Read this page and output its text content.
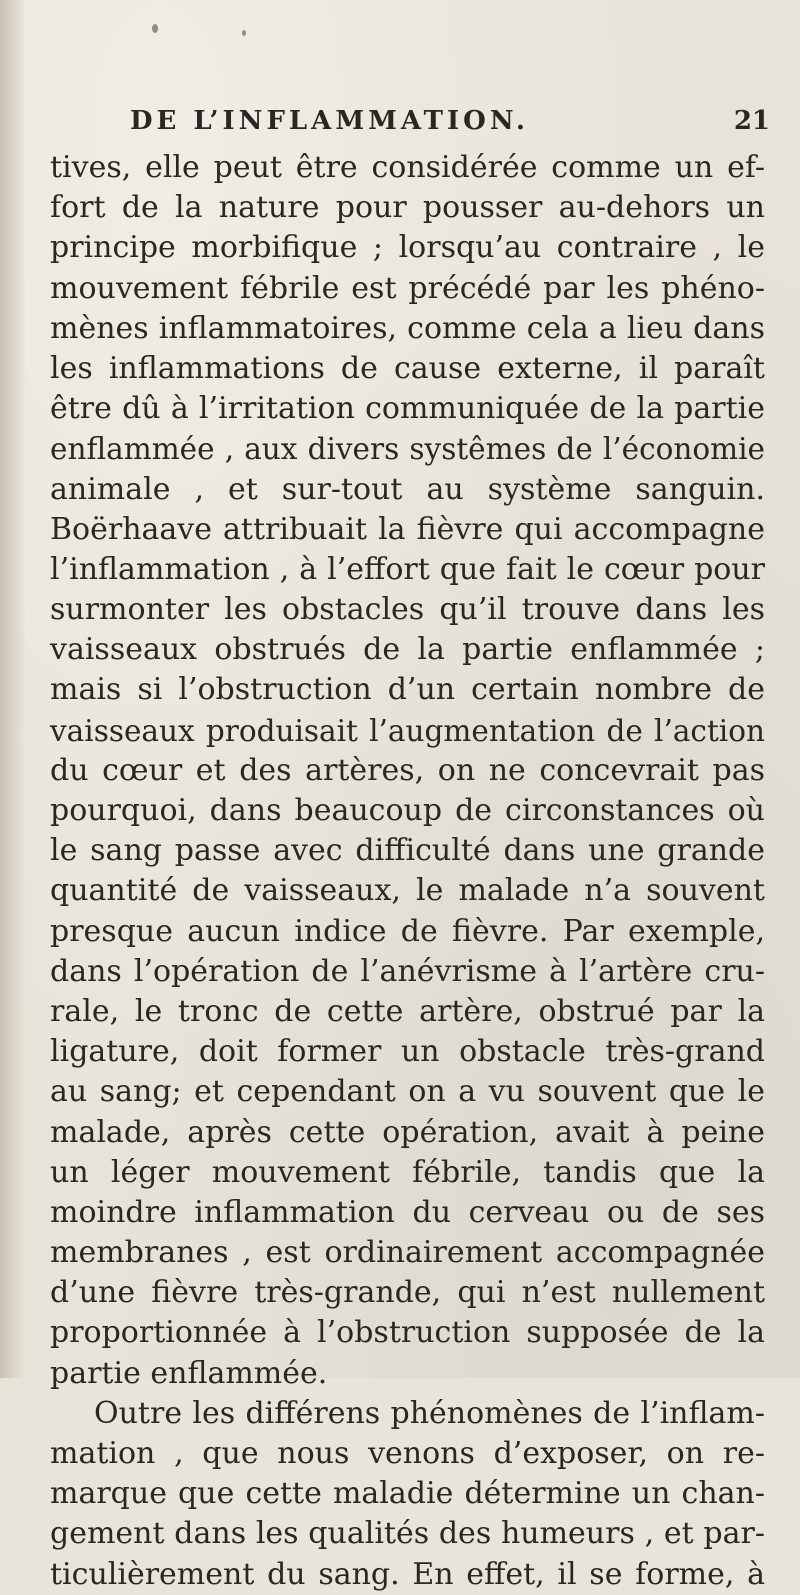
DE L’INFLAMMATION.	21
tives, elle peut être considérée comme un ef-
fort de la nature pour pousser au-dehors un
principe morbifique ; lorsqu’au contraire , le
mouvement fébrile est précédé par les phéno-
mènes inflammatoires, comme cela a lieu dans
les inflammations de cause externe, il paraît
être dû à l’irritation communiquée de la partie
enflammée , aux divers systêmes de l’économie
animale , et sur-tout au système sanguin.
Boërhaave attribuait la fièvre qui accompagne
l’inflammation , à l’effort que fait le cœur pour
surmonter les obstacles qu’il trouve dans les
vaisseaux obstrués de la partie enflammée ;
mais si l’obstruction d’un certain nombre de
vaisseaux produisait l’augmentation de l’action
du cœur et des artères, on ne concevrait pas
pourquoi, dans beaucoup de circonstances où
le sang passe avec difficulté dans une grande
quantité de vaisseaux, le malade n’a souvent
presque aucun indice de fièvre. Par exemple,
dans l’opération de l’anévrisme à l’artère cru-
rale, le tronc de cette artère, obstrué par la
ligature, doit former un obstacle très-grand
au sang; et cependant on a vu souvent que le
malade, après cette opération, avait à peine
un léger mouvement fébrile, tandis que la
moindre inflammation du cerveau ou de ses
membranes , est ordinairement accompagnée
d’une fièvre très-grande, qui n’est nullement
proportionnée à l’obstruction supposée de la
partie enflammée.
Outre les différens phénomènes de l’inflam-
mation , que nous venons d’exposer, on re-
marque que cette maladie détermine un chan-
gement dans les qualités des humeurs , et par-
ticulièrement du sang. En effet, il se forme, à
